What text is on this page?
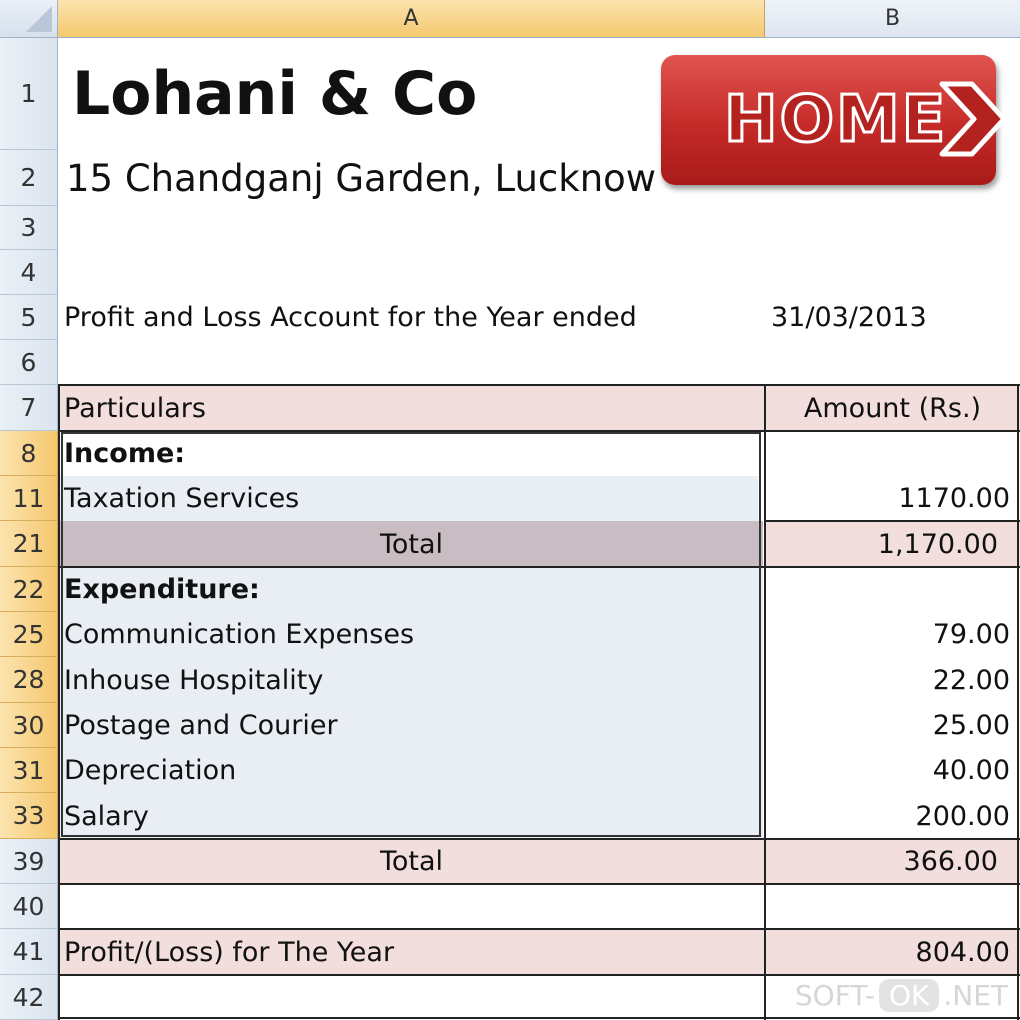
A	B
1
2
3
4
5
6
7
8
11
21
22
25
28
30
31
33
39
40
41
42
Lohani & Co
15 Chandganj Garden, Lucknow
Profit and Loss Account for the Year ended	31/03/2013
Particulars	Amount (Rs.)
Income:
Taxation Services	1170.00
Total	1,170.00
Expenditure:
Communication Expenses	79.00
Inhouse Hospitality	22.00
Postage and Courier	25.00
Depreciation	40.00
Salary	200.00
Total	366.00
Profit/(Loss) for The Year	804.00
HOME
SOFT- OK .NET
